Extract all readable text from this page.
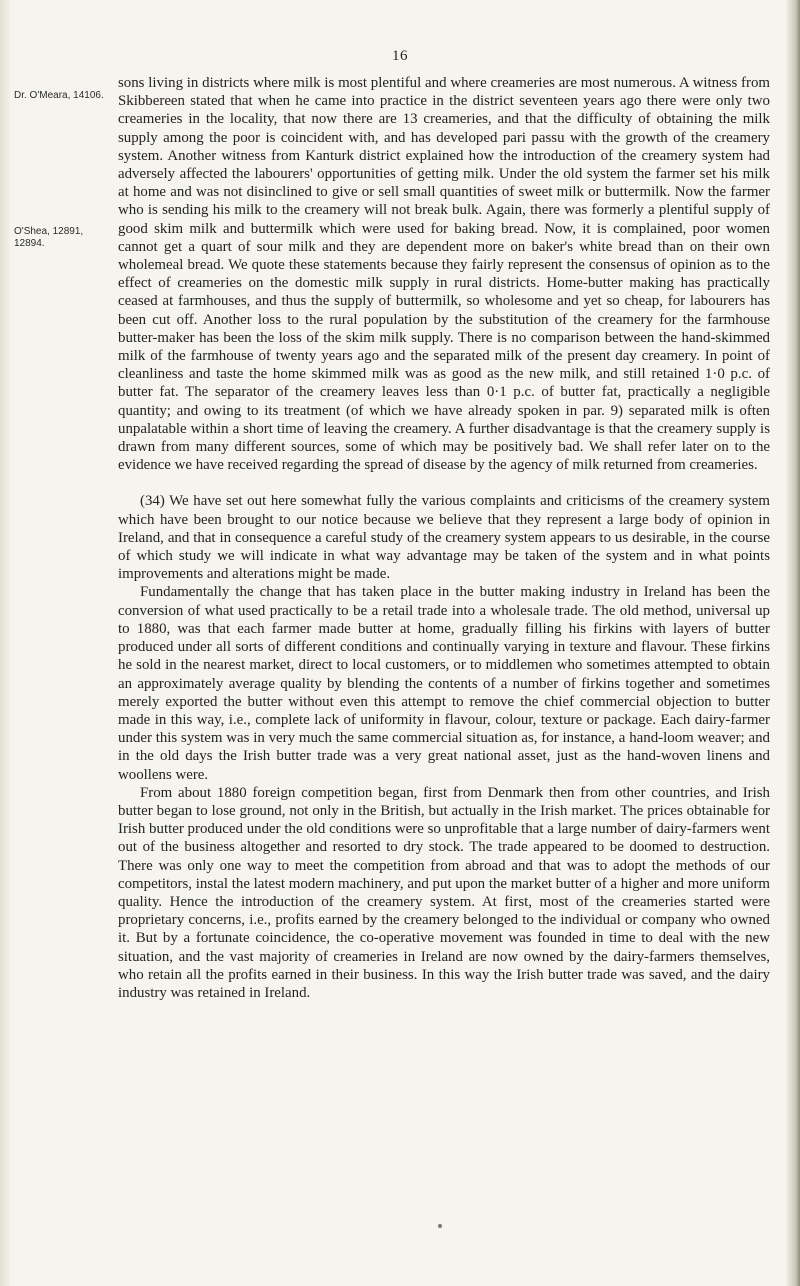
16
Dr. O'Meara, 14106.
O'Shea, 12891, 12894.

sons living in districts where milk is most plentiful and where creameries are most numerous. A witness from Skibbereen stated that when he came into practice in the district seventeen years ago there were only two creameries in the locality, that now there are 13 creameries, and that the difficulty of obtaining the milk supply among the poor is coincident with, and has developed pari passu with the growth of the creamery system. Another witness from Kanturk district explained how the introduction of the creamery system had adversely affected the labourers' opportunities of getting milk. Under the old system the farmer set his milk at home and was not disinclined to give or sell small quantities of sweet milk or buttermilk. Now the farmer who is sending his milk to the creamery will not break bulk. Again, there was formerly a plentiful supply of good skim milk and buttermilk which were used for baking bread. Now, it is complained, poor women cannot get a quart of sour milk and they are dependent more on baker's white bread than on their own wholemeal bread. We quote these statements because they fairly represent the consensus of opinion as to the effect of creameries on the domestic milk supply in rural districts. Home-butter making has practically ceased at farmhouses, and thus the supply of buttermilk, so wholesome and yet so cheap, for labourers has been cut off. Another loss to the rural population by the substitution of the creamery for the farmhouse butter-maker has been the loss of the skim milk supply. There is no comparison between the hand-skimmed milk of the farmhouse of twenty years ago and the separated milk of the present day creamery. In point of cleanliness and taste the home skimmed milk was as good as the new milk, and still retained 1·0 p.c. of butter fat. The separator of the creamery leaves less than 0·1 p.c. of butter fat, practically a negligible quantity; and owing to its treatment (of which we have already spoken in par. 9) separated milk is often unpalatable within a short time of leaving the creamery. A further disadvantage is that the creamery supply is drawn from many different sources, some of which may be positively bad. We shall refer later on to the evidence we have received regarding the spread of disease by the agency of milk returned from creameries.

(34) We have set out here somewhat fully the various complaints and criticisms of the creamery system which have been brought to our notice because we believe that they represent a large body of opinion in Ireland, and that in consequence a careful study of the creamery system appears to us desirable, in the course of which study we will indicate in what way advantage may be taken of the system and in what points improvements and alterations might be made.

Fundamentally the change that has taken place in the butter making industry in Ireland has been the conversion of what used practically to be a retail trade into a wholesale trade. The old method, universal up to 1880, was that each farmer made butter at home, gradually filling his firkins with layers of butter produced under all sorts of different conditions and continually varying in texture and flavour. These firkins he sold in the nearest market, direct to local customers, or to middlemen who sometimes attempted to obtain an approximately average quality by blending the contents of a number of firkins together and sometimes merely exported the butter without even this attempt to remove the chief commercial objection to butter made in this way, i.e., complete lack of uniformity in flavour, colour, texture or package. Each dairy-farmer under this system was in very much the same commercial situation as, for instance, a hand-loom weaver; and in the old days the Irish butter trade was a very great national asset, just as the hand-woven linens and woollens were.

From about 1880 foreign competition began, first from Denmark then from other countries, and Irish butter began to lose ground, not only in the British, but actually in the Irish market. The prices obtainable for Irish butter produced under the old conditions were so unprofitable that a large number of dairy-farmers went out of the business altogether and resorted to dry stock. The trade appeared to be doomed to destruction. There was only one way to meet the competition from abroad and that was to adopt the methods of our competitors, instal the latest modern machinery, and put upon the market butter of a higher and more uniform quality. Hence the introduction of the creamery system. At first, most of the creameries started were proprietary concerns, i.e., profits earned by the creamery belonged to the individual or company who owned it. But by a fortunate coincidence, the co-operative movement was founded in time to deal with the new situation, and the vast majority of creameries in Ireland are now owned by the dairy-farmers themselves, who retain all the profits earned in their business. In this way the Irish butter trade was saved, and the dairy industry was retained in Ireland.
